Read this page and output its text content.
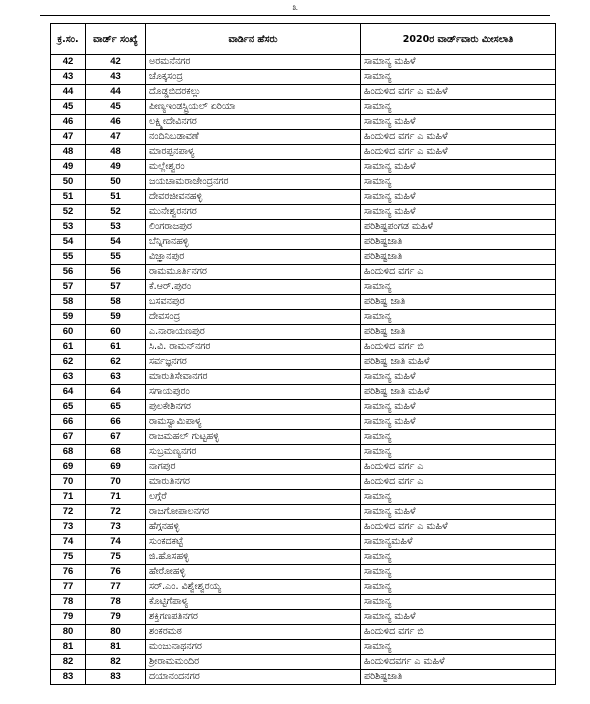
೩
ಕ್ರ.ಸಂ.	ವಾರ್ಡ್ ಸಂಖ್ಯೆ	ವಾರ್ಡಿನ ಹೆಸರು	2020ರ ವಾರ್ಡ್‌ವಾರು ಮೀಸಲಾತಿ
42	42	ಅರಮನೆನಗರ	ಸಾಮಾನ್ಯ ಮಹಿಳೆ
43	43	ಚೊಕ್ಕಸಂದ್ರ	ಸಾಮಾನ್ಯ
44	44	ದೊಡ್ಡಬಿದರಕಲ್ಲು	ಹಿಂದುಳಿದ ವರ್ಗ ಎ ಮಹಿಳೆ
45	45	ಪೀಣ್ಯಇಂಡಸ್ಟ್ರಿಯಲ್ ಏರಿಯಾ	ಸಾಮಾನ್ಯ
46	46	ಲಕ್ಷ್ಮೀದೇವಿನಗರ	ಸಾಮಾನ್ಯ ಮಹಿಳೆ
47	47	ನಂದಿನಿಬಡಾವಣೆ	ಹಿಂದುಳಿದ ವರ್ಗ ಎ ಮಹಿಳೆ
48	48	ಮಾರಪ್ಪನಪಾಳ್ಯ	ಹಿಂದುಳಿದ ವರ್ಗ ಎ ಮಹಿಳೆ
49	49	ಮಲ್ಲೇಶ್ವರಂ	ಸಾಮಾನ್ಯ ಮಹಿಳೆ
50	50	ಜಯಚಾಮರಾಜೇಂದ್ರನಗರ	ಸಾಮಾನ್ಯ
51	51	ದೇವರಜೀವನಹಳ್ಳಿ	ಸಾಮಾನ್ಯ ಮಹಿಳೆ
52	52	ಮುನೇಶ್ವರನಗರ	ಸಾಮಾನ್ಯ ಮಹಿಳೆ
53	53	ಲಿಂಗರಾಜಪುರ	ಪರಿಶಿಷ್ಟಪಂಗಡ ಮಹಿಳೆ
54	54	ಬೆನ್ನಿಗಾನಹಳ್ಳಿ	ಪರಿಶಿಷ್ಟಜಾತಿ
55	55	ವಿಜ್ಞಾನಪುರ	ಪರಿಶಿಷ್ಟಜಾತಿ
56	56	ರಾಮಮೂರ್ತಿನಗರ	ಹಿಂದುಳಿದ ವರ್ಗ ಎ
57	57	ಕೆ.ಆರ್.ಪುರಂ	ಸಾಮಾನ್ಯ
58	58	ಬಸವನಪುರ	ಪರಿಶಿಷ್ಟ ಜಾತಿ
59	59	ದೇವಸಂದ್ರ	ಸಾಮಾನ್ಯ
60	60	ಎ.ನಾರಾಯಣಪುರ	ಪರಿಶಿಷ್ಟ ಜಾತಿ
61	61	ಸಿ.ವಿ. ರಾಮನ್‌ನಗರ	ಹಿಂದುಳಿದ ವರ್ಗ ಬಿ
62	62	ಸರ್ವಜ್ಞನಗರ	ಪರಿಶಿಷ್ಟ ಜಾತಿ ಮಹಿಳೆ
63	63	ಮಾರುತಿಸೇವಾನಗರ	ಸಾಮಾನ್ಯ ಮಹಿಳೆ
64	64	ಸಗಾಯಪುರಂ	ಪರಿಶಿಷ್ಟ ಜಾತಿ ಮಹಿಳೆ
65	65	ಪುಲಕೇಶಿನಗರ	ಸಾಮಾನ್ಯ ಮಹಿಳೆ
66	66	ರಾಮಸ್ವಾಮಿಪಾಳ್ಯ	ಸಾಮಾನ್ಯ ಮಹಿಳೆ
67	67	ರಾಜಮಹಲ್ ಗುಟ್ಟಹಳ್ಳಿ	ಸಾಮಾನ್ಯ
68	68	ಸುಬ್ರಮಣ್ಯನಗರ	ಸಾಮಾನ್ಯ
69	69	ನಾಗಪುರ	ಹಿಂದುಳಿದ ವರ್ಗ ಎ
70	70	ಮಾರುತಿನಗರ	ಹಿಂದುಳಿದ ವರ್ಗ ಎ
71	71	ಲಗ್ಗೆರೆ	ಸಾಮಾನ್ಯ
72	72	ರಾಜಗೋಪಾಲನಗರ	ಸಾಮಾನ್ಯ ಮಹಿಳೆ
73	73	ಹೆಗ್ಗನಹಳ್ಳಿ	ಹಿಂದುಳಿದ ವರ್ಗ ಎ ಮಹಿಳೆ
74	74	ಸುಂಕದಕಟ್ಟೆ	ಸಾಮಾನ್ಯಮಹಿಳೆ
75	75	ಜಿ.ಹೊಸಹಳ್ಳಿ	ಸಾಮಾನ್ಯ
76	76	ಹೇರೋಹಳ್ಳಿ	ಸಾಮಾನ್ಯ
77	77	ಸರ್.ಎಂ. ವಿಶ್ವೇಶ್ವರಯ್ಯ	ಸಾಮಾನ್ಯ
78	78	ಕೊಟ್ಟಿಗೆಪಾಳ್ಯ	ಸಾಮಾನ್ಯ
79	79	ಶಕ್ತಿಗಣಪತಿನಗರ	ಸಾಮಾನ್ಯ ಮಹಿಳೆ
80	80	ಶಂಕರಮಠ	ಹಿಂದುಳಿದ ವರ್ಗ ಬಿ
81	81	ಮಂಜುನಾಥನಗರ	ಸಾಮಾನ್ಯ
82	82	ಶ್ರೀರಾಮಮಂದಿರ	ಹಿಂದುಳಿದವರ್ಗ ಎ ಮಹಿಳೆ
83	83	ದಯಾನಂದನಗರ	ಪರಿಶಿಷ್ಟಜಾತಿ
